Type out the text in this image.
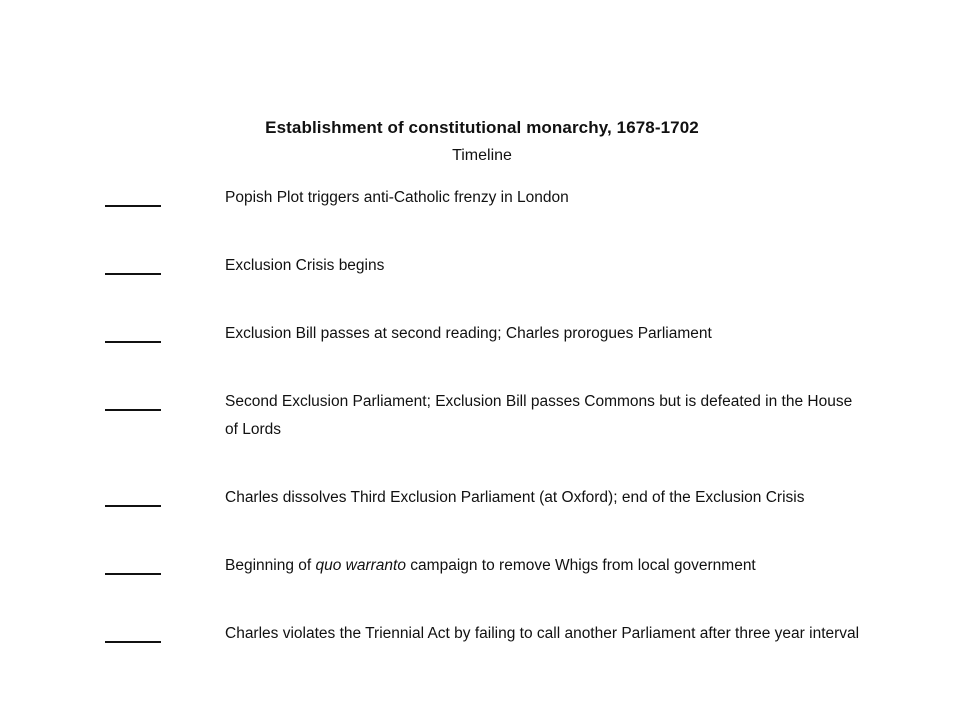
Establishment of constitutional monarchy, 1678-1702
Timeline

Popish Plot triggers anti-Catholic frenzy in London

Exclusion Crisis begins

Exclusion Bill passes at second reading; Charles prorogues Parliament

Second Exclusion Parliament; Exclusion Bill passes Commons but is defeated in the House of Lords

Charles dissolves Third Exclusion Parliament (at Oxford); end of the Exclusion Crisis

Beginning of quo warranto campaign to remove Whigs from local government

Charles violates the Triennial Act by failing to call another Parliament after three year interval
